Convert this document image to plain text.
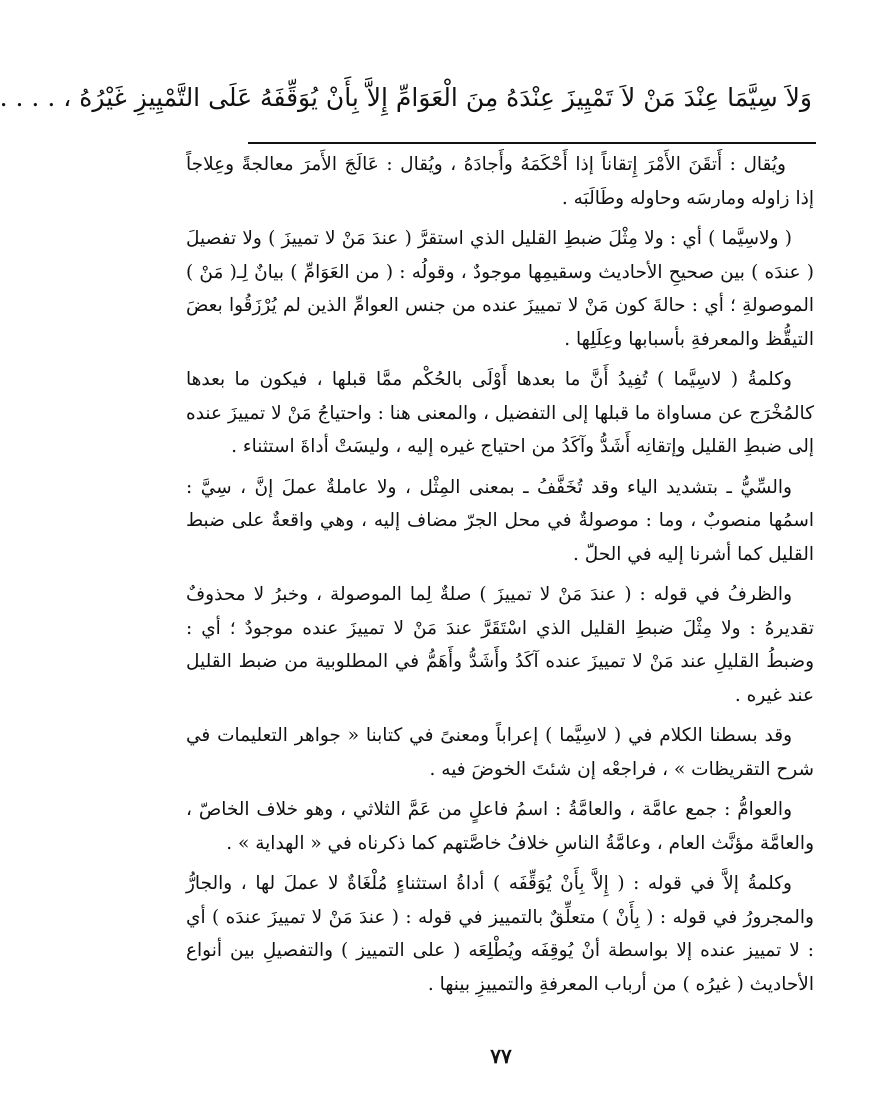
وَلاَ سِيَّمَا عِنْدَ مَنْ لاَ تَمْيِيزَ عِنْدَهُ مِنَ الْعَوَامِّ إِلاَّ بِأَنْ يُوَقِّفَهُ عَلَى التَّمْيِيزِ غَيْرُهُ ، . . . .

ويُقال : أَتقَنَ الأَمْرَ إِتقاناً إذا أَحْكَمَهُ وأَجادَهُ ، ويُقال : عَالَجَ الأَمرَ معالجةً وعِلاجاً إذا زاوله ومارسَه وحاوله وطَالَبَه .

( ولاسِيَّما ) أي : ولا مِثْلَ ضبطِ القليل الذي استقرَّ ( عندَ مَنْ لا تمييزَ ) ولا تفصيلَ ( عندَه ) بين صحيحِ الأحاديث وسقيمِها موجودٌ ، وقولُه : ( من العَوَامِّ ) بيانٌ لِـ( مَنْ ) الموصولةِ ؛ أي : حالةَ كون مَنْ لا تمييزَ عنده من جنس العوامِّ الذين لم يُرْزَقُوا بعضَ التيقُّظ والمعرفةِ بأسبابها وعِلَلِها .

وكلمةُ ( لاسِيَّما ) تُفِيدُ أَنَّ ما بعدها أَوْلَى بالحُكْم ممَّا قبلها ، فيكون ما بعدها كالمُخْرَج عن مساواة ما قبلها إلى التفضيل ، والمعنى هنا : واحتياجُ مَنْ لا تمييزَ عنده إلى ضبطِ القليل وإتقانِه أَشَدُّ وآكَدُ من احتياج غيره إليه ، وليسَتْ أداةَ استثناء .

والسِّيُّ ـ بتشديد الياء وقد تُخَفَّفُ ـ بمعنى المِثْل ، ولا عاملةٌ عملَ إنَّ ، سِيَّ : اسمُها منصوبٌ ، وما : موصولةٌ في محل الجرّ مضاف إليه ، وهي واقعةٌ على ضبط القليل كما أشرنا إليه في الحلّ .

والظرفُ في قوله : ( عندَ مَنْ لا تمييزَ ) صلةٌ لِما الموصولة ، وخبرُ لا محذوفٌ تقديرهُ : ولا مِثْلَ ضبطِ القليل الذي اسْتَقَرَّ عندَ مَنْ لا تمييزَ عنده موجودٌ ؛ أي : وضبطُ القليلِ عند مَنْ لا تمييزَ عنده آكَدُ وأَشَدُّ وأَهَمُّ في المطلوبية من ضبط القليل عند غيره .

وقد بسطنا الكلام في ( لاسِيَّما ) إعراباً ومعنىً في كتابنا « جواهر التعليمات في شرح التقريظات » ، فراجعْه إن شئتَ الخوضَ فيه .

والعوامُّ : جمع عامَّة ، والعامَّةُ : اسمُ فاعلٍ من عَمَّ الثلاثي ، وهو خلاف الخاصّ ، والعامَّة مؤنَّث العام ، وعامَّةُ الناسِ خلافُ خاصَّتهم كما ذكرناه في « الهداية » .

وكلمةُ إلاَّ في قوله : ( إِلاَّ بِأَنْ يُوَقِّفَه ) أداةُ استثناءٍ مُلْغَاةٌ لا عملَ لها ، والجارُّ والمجرورُ في قوله : ( بِأَنْ ) متعلِّقٌ بالتمييز في قوله : ( عندَ مَنْ لا تمييزَ عندَه ) أي : لا تمييز عنده إلا بواسطة أنْ يُوقِفَه ويُطْلِعَه ( على التمييز ) والتفصيلِ بين أنواع الأحاديث ( غيرُه ) من أرباب المعرفةِ والتمييزِ بينها .

٧٧
